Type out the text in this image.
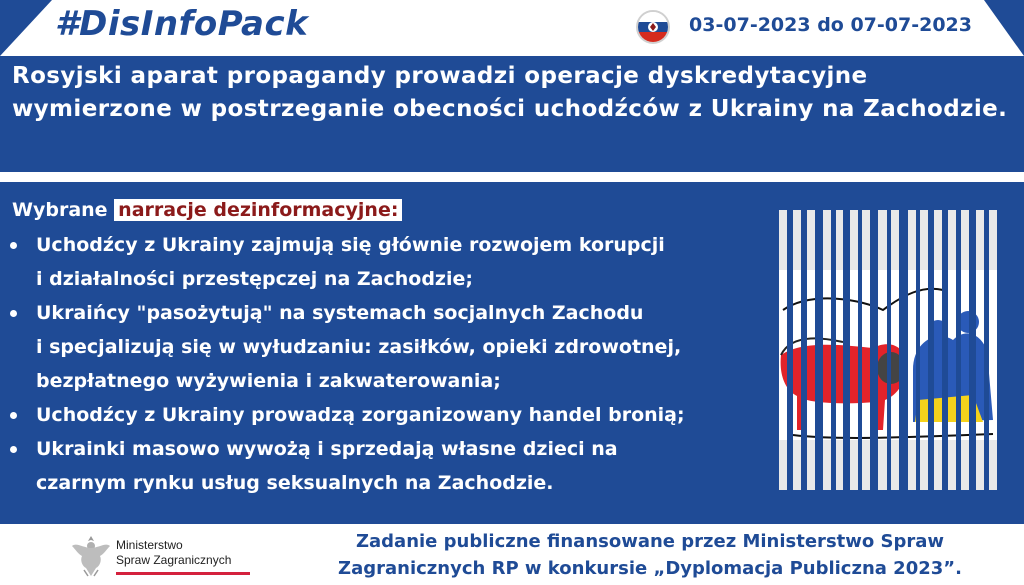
#DisInfoPack	03-07-2023 do 07-07-2023
Rosyjski aparat propagandy prowadzi operacje dyskredytacyjne wymierzone w postrzeganie obecności uchodźców z Ukrainy na Zachodzie.
Wybrane narracje dezinformacyjne:
Uchodźcy z Ukrainy zajmują się głównie rozwojem korupcji
i działalności przestępczej na Zachodzie;
Ukraińcy "pasożytują" na systemach socjalnych Zachodu
i specjalizują się w wyłudzaniu: zasiłków, opieki zdrowotnej,
bezpłatnego wyżywienia i zakwaterowania;
Uchodźcy z Ukrainy prowadzą zorganizowany handel bronią;
Ukrainki masowo wywożą i sprzedają własne dzieci na
czarnym rynku usług seksualnych na Zachodzie.
Ministerstwo
Spraw Zagranicznych
Zadanie publiczne finansowane przez Ministerstwo Spraw
Zagranicznych RP w konkursie „Dyplomacja Publiczna 2023”.
